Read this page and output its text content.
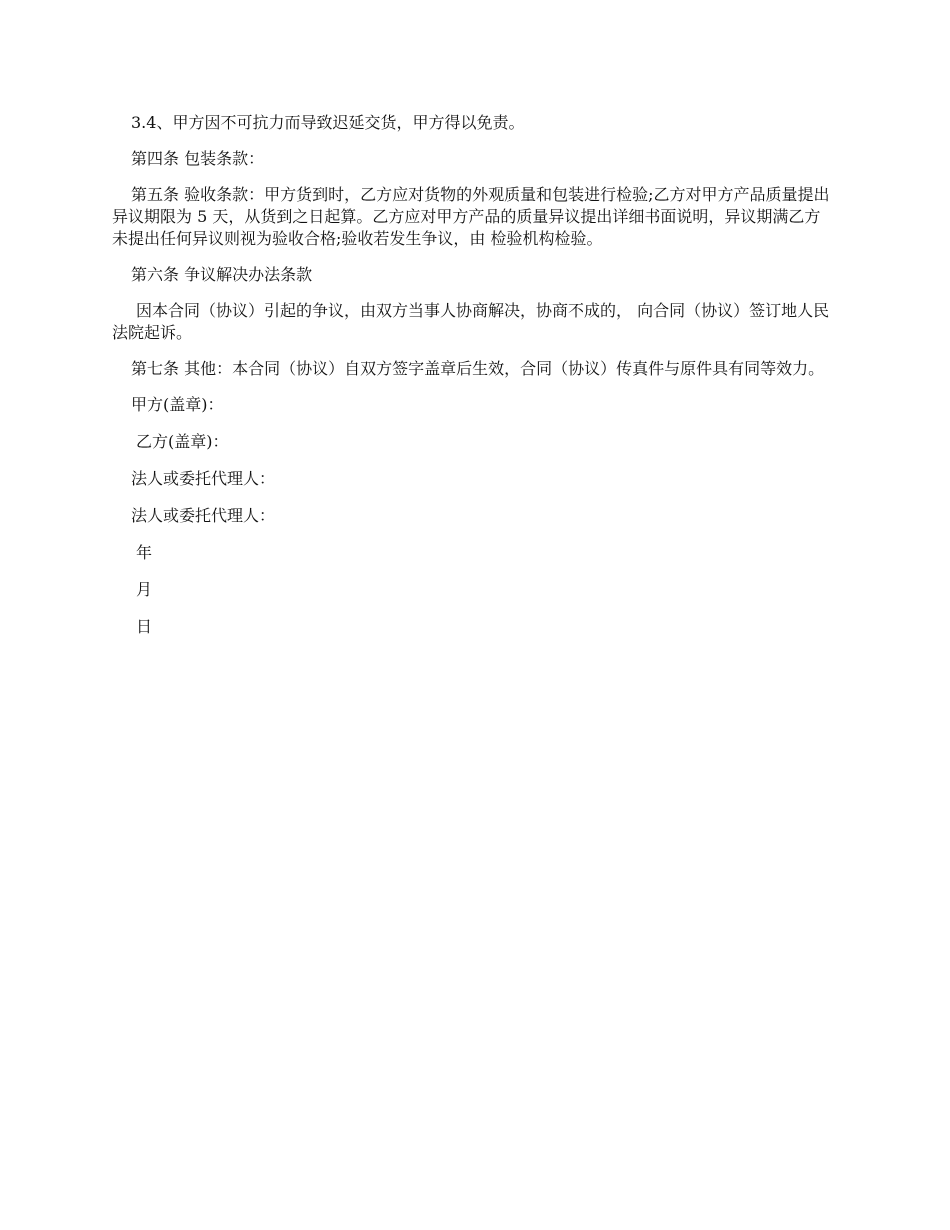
3.4、甲方因不可抗力而导致迟延交货，甲方得以免责。

第四条 包装条款：

第五条 验收条款：甲方货到时，乙方应对货物的外观质量和包装进行检验;乙方对甲方产品质量提出异议期限为 5 天，从货到之日起算。乙方应对甲方产品的质量异议提出详细书面说明，异议期满乙方未提出任何异议则视为验收合格;验收若发生争议，由 检验机构检验。

第六条 争议解决办法条款

因本合同（协议）引起的争议，由双方当事人协商解决，协商不成的， 向合同（协议）签订地人民法院起诉。

第七条 其他：本合同（协议）自双方签字盖章后生效，合同（协议）传真件与原件具有同等效力。

甲方(盖章)：

乙方(盖章)：

法人或委托代理人：

法人或委托代理人：

年

月

日
